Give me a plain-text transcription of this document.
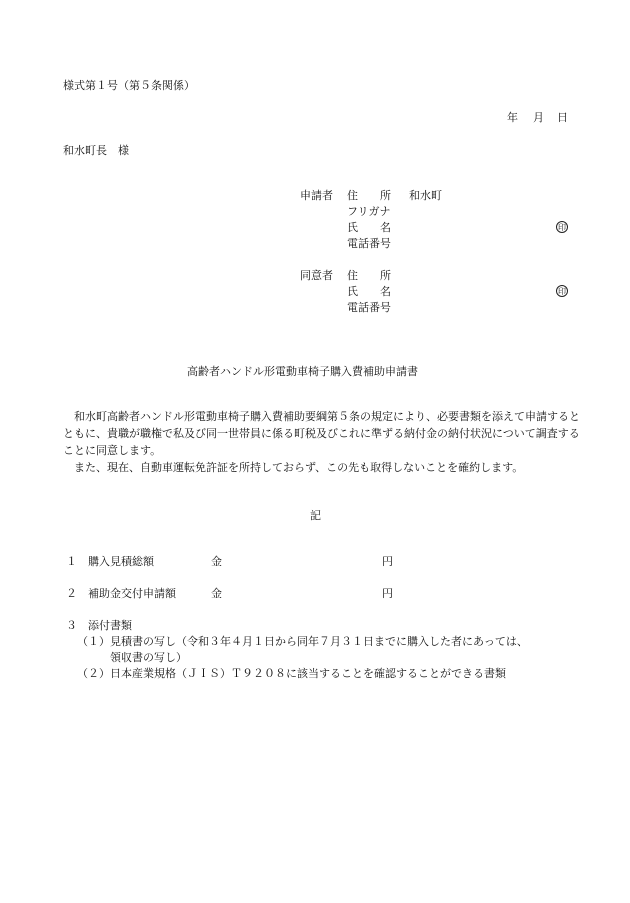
様式第１号（第５条関係）
年 月 日
和水町長　様
申請者 住　　所 和水町
フリガナ
氏　　名	印
電話番号
同意者 住　　所
氏　　名	印
電話番号
高齢者ハンドル形電動車椅子購入費補助申請書

和水町高齢者ハンドル形電動車椅子購入費補助要綱第５条の規定により、必要書類を添えて申請するとともに、貴職が職権で私及び同一世帯員に係る町税及びこれに準ずる納付金の納付状況について調査することに同意します。

また、現在、自動車運転免許証を所持しておらず、この先も取得しないことを確約します。

記
１ 購入見積総額	金	円
２ 補助金交付申請額	金	円
３ 添付書類
（１） 見積書の写し（令和３年４月１日から同年７月３１日までに購入した者にあっては、
領収書の写し）
（２） 日本産業規格（ＪＩＳ）Ｔ９２０８に該当することを確認することができる書類
